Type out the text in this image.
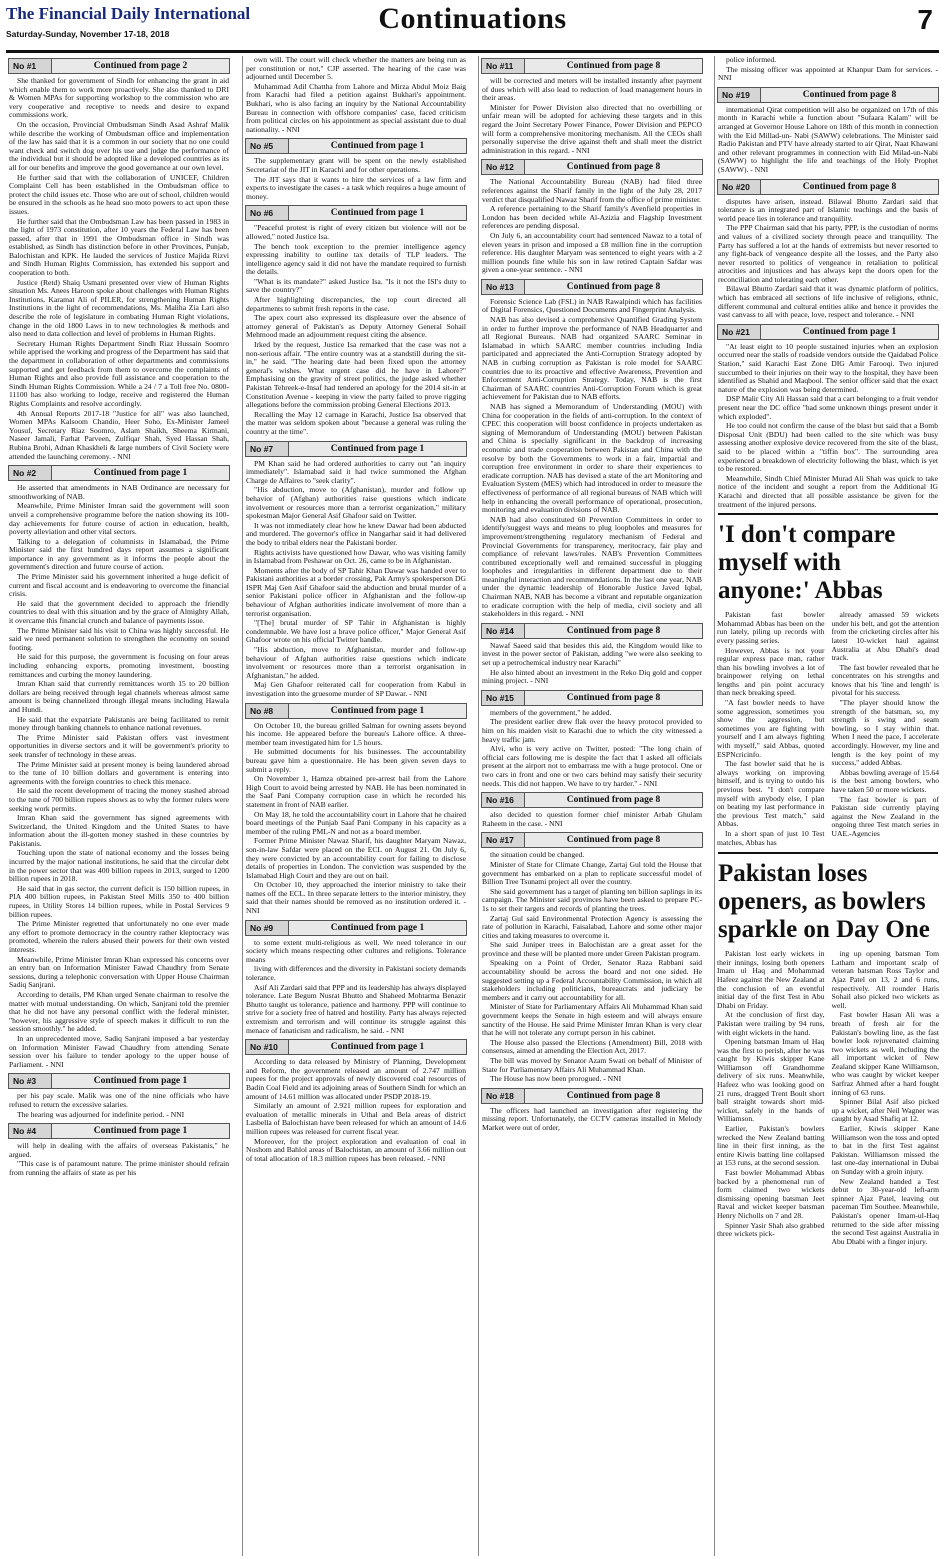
The Financial Daily International
Saturday-Sunday, November 17-18, 2018	Continuations	7
No #1	Continued from page 2

She thanked for government of Sindh for enhancing the grant in aid which enable them to work more proactively. She also thanked to DRI & Women MPAs for supporting workshop to the commission who are very cooperative and receptive to needs and desire to expand commissions work.

On the occasion, Provincial Ombudsman Sindh Asad Ashraf Malik while describe the working of Ombudsman office and implementation of the law has said that it is a common in our society that no one could want check and switch dog over his use and judge the performance of the individual but it should be adopted like a developed countries as its all for our benefits and improve the good governance at our own level.

He further said that with the collaboration of UNICEF, Children Complaint Cell has been established in the Ombudsman office to protect the child issues etc. Those who are out of school, children would be ensured in the schools as he head suo moto powers to act upon these issues.

He further said that the Ombudsman Law has been passed in 1983 in the light of 1973 constitution, after 10 years the Federal Law has been passed, after that in 1991 the Ombudsman office in Sindh was established, as Sindh has distinction before in other Provinces, Punjab, Balochistan and KPK. He lauded the services of Justice Majida Rizvi and Sindh Human Rights Commission, has extended his support and cooperation to both.

Justice (Retd) Shaiq Usmani presented over view of Human Rights situation Ms. Anees Haroon spoke about challenges with Human Rights Institutions, Karamat Ali of PILER, for strengthening Human Rights Institutions in the light of recommendations, Ms. Maliha Zia Lari also describe the role of legislature in combating Human Right violations, change in the old 1800 Laws in to new technologies & methods and also need to data collection and level of problems in Human Rights.

Secretary Human Rights Department Sindh Riaz Hussain Soomro while apprised the working and progress of the Department has said that the department in collaboration of other departments and commissions supported and get feedback from them to overcome the complaints of Human Rights and also provide full assistance and cooperation to the Sindh Human Rights Commission. While a 24 / 7 a Toll free No. 0800-11100 has also working to lodge, receive and registered the Human Rights Complaints and resolve accordingly.

4th Annual Reports 2017-18 "Justice for all" was also launched, Women MPAs Kalsoom Chandio, Heer Soho, Ex-Minister Jameel Yousuf, Secretary Riaz Soomro, Aslam Shaikh, Sheema Kirmani, Naseer Jamali, Farhat Parveen, Zulfiqar Shah, Syed Hassan Shah, Rubina Brohi, Adnan Khaskheli & large numbers of Civil Society were attended the launching ceremony. - NNI

No #2	Continued from page 1

He asserted that amendments in NAB Ordinance are necessary for smoothworking of NAB.

Meanwhile, Prime Minister Imran said the government will soon unveil a comprehensive programme before the nation showing its 100-day achievements for future course of action in education, health, poverty alleviation and other vital sectors.

Talking to a delegation of columnists in Islamabad, the Prime Minister said the first hundred days report assumes a significant importance in any government as it informs the people about the government's direction and future course of action.

The Prime Minister said his government inherited a huge deficit of current and fiscal account and is endeavoring to overcome the financial crisis.

He said that the government decided to approach the friendly countries to deal with this situation and by the grace of Almighty Allah, it overcame this financial crunch and balance of payments issue.

The Prime Minister said his visit to China was highly successful. He said we need permanent solution to strengthen the economy on sound footing.

He said for this purpose, the government is focusing on four areas including enhancing exports, promoting investment, boosting remittances and curbing the money laundering.

Imran Khan said that currently remittances worth 15 to 20 billion dollars are being received through legal channels whereas almost same amount is being channelized through illegal means including Hawala and Hundi.

He said that the expatriate Pakistanis are being facilitated to remit money through banking channels to enhance national revenues.

The Prime Minister said Pakistan offers vast investment opportunities in diverse sectors and it will be government's priority to seek transfer of technology in these areas.

The Prime Minister said at present money is being laundered abroad to the tune of 10 billion dollars and government is entering into agreements with the foreign countries to check this menace.

He said the recent development of tracing the money stashed abroad to the tune of 700 billion rupees shows as to why the former rulers were seeking work permits.

Imran Khan said the government has signed agreements with Switzerland, the United Kingdom and the United States to have information about the ill-gotten money stashed in these countries by Pakistanis.

Touching upon the state of national economy and the losses being incurred by the major national institutions, he said that the circular debt in the power sector that was 400 billion rupees in 2013, surged to 1200 billion rupees in 2018.

He said that in gas sector, the current deficit is 150 billion rupees, in PIA 400 billion rupees, in Pakistan Steel Mills 350 to 400 billion rupees, in Utility Stores 14 billion rupees, while in Postal Services 9 billion rupees.

The Prime Minister regretted that unfortunately no one ever made any effort to promote democracy in the country rather kleptocracy was promoted, wherein the rulers abused their powers for their own vested interests.

Meanwhile, Prime Minister Imran Khan expressed his concerns over an entry ban on Information Minister Fawad Chaudhry from Senate sessions, during a telephonic conversation with Upper House Chairman Sadiq Sanjrani.

According to details, PM Khan urged Senate chairman to resolve the matter with mutual understanding. On which, Sanjrani told the premier that he did not have any personal conflict with the federal minister, "however, his aggressive style of speech makes it difficult to run the session smoothly." he added.

In an unprecedented move, Sadiq Sanjrani imposed a bar yesterday on Information Minister Fawad Chaudhry from attending Senate session over his failure to tender apology to the upper house of Parliament. - NNI

No #3	Continued from page 1

per his pay scale. Malik was one of the nine officials who have refused to return the excessive salaries.

The hearing was adjourned for indefinite period. - NNI

No #4	Continued from page 1

will help in dealing with the affairs of overseas Pakistanis," he argued.

"This case is of paramount nature. The prime minister should refrain from running the affairs of state as per his

own will. The court will check whether the matters are being run as per constitution or not," CJP asserted. The hearing of the case was adjourned until December 5.

Muhammad Adil Chattha from Lahore and Mirza Abdul Moiz Baig from Karachi had filed a petition against Bukhari's appointment. Bukhari, who is also facing an inquiry by the National Accountability Bureau in connection with offshore companies' case, faced criticism from political circles on his appointment as special assistant due to dual nationality. - NNI

No #5	Continued from page 1

The supplementary grant will be spent on the newly established Secretariat of the JIT in Karachi and for other operations.

The JIT says that it wants to hire the services of a law firm and experts to investigate the cases - a task which requires a huge amount of money.

No #6	Continued from page 1

"Peaceful protest is right of every citizen but violence will not be allowed," noted Justice Isa.

The bench took exception to the premier intelligence agency expressing inability to outline tax details of TLP leaders. The intelligence agency said it did not have the mandate required to furnish the details.

"What is its mandate?" asked Justice Isa. "Is it not the ISI's duty to save the country?"

After highlighting discrepancies, the top court directed all departments to submit fresh reports in the case.

The apex court also expressed its displeasure over the absence of attorney general of Pakistan's as Deputy Attorney General Sohail Mehmood made an adjournment request citing the absence.

Irked by the request, Justice Isa remarked that the case was not a non-serious affair. "The entire country was at a standstill during the sit-in," he said. "The hearing date had been fixed upon the attorney general's wishes. What urgent case did he have in Lahore?" Emphasising on the gravity of street politics, the judge asked whether Pakistan Tehreek-e-Insaf had tendered an apology for the 2014 sit-in at Constitution Avenue - keeping in view the party failed to prove rigging allegations before the commission probing General Elections 2013.

Recalling the May 12 carnage in Karachi, Justice Isa observed that the matter was seldom spoken about "because a general was ruling the country at the time".

No #7	Continued from page 1

PM Khan said he had ordered authorities to carry out "an inquiry immediately". Islamabad said it had twice summoned the Afghan Charge de Affaires to "seek clarity".

"His abduction, move to (Afghanistan), murder and follow up behavior of (Afghan) authorities raise questions which indicate involvement or resources more than a terrorist organization," military spokesman Major General Asif Ghafoor said on Twitter.

It was not immediately clear how he knew Dawar had been abducted and murdered. The governor's office in Nangarhar said it had delivered the body to tribal elders near the Pakistani border.

Rights activists have questioned how Dawar, who was visiting family in Islamabad from Peshawar on Oct. 26, came to be in Afghanistan.

Moments after the body of SP Tahir Khan Dawar was handed over to Pakistani authorities at a border crossing, Pak Army's spokesperson DG ISPR Maj Gen Asif Ghafoor said the abduction and brutal murder of a senior Pakistani police officer in Afghanistan and the follow-up behaviour of Afghan authorities indicate involvement of more than a terrorist organisation.

"[The] brutal murder of SP Tahir in Afghanistan is highly condemnable. We have lost a brave police officer," Major General Asif Ghafoor wrote on his official Twitter handle.

"His abduction, move to Afghanistan, murder and follow-up behaviour of Afghan authorities raise questions which indicate involvement or resources more than a terrorist organisation in Afghanistan," he added.

Maj Gen Ghafoor reiterated call for cooperation from Kabul in investigation into the gruesome murder of SP Dawar. - NNI

No #8	Continued from page 1

On October 10, the bureau grilled Salman for owning assets beyond his income. He appeared before the bureau's Lahore office. A three-member team investigated him for 1.5 hours.

He submitted documents for his businesses. The accountability bureau gave him a questionnaire. He has been given seven days to submit a reply.

On November 1, Hamza obtained pre-arrest bail from the Lahore High Court to avoid being arrested by NAB. He has been nominated in the Saaf Pani Company corruption case in which he recorded his statement in front of NAB earlier.

On May 18, he told the accountability court in Lahore that he chaired board meetings of the Punjab Saaf Pani Company in his capacity as a member of the ruling PML-N and not as a board member.

Former Prime Minister Nawaz Sharif, his daughter Maryam Nawaz, son-in-law Safdar were placed on the ECL on August 21. On July 6, they were convicted by an accountability court for failing to disclose details of properties in London. The conviction was suspended by the Islamabad High Court and they are out on bail.

On October 10, they approached the interior ministry to take their names off the ECL. In three separate letters to the interior ministry, they said that their names should be removed as no institution ordered it. - NNI

No #9	Continued from page 1

to some extent multi-religious as well. We need tolerance in our society which means respecting other cultures and religions. Tolerance means

living with differences and the diversity in Pakistani society demands tolerance.

Asif Ali Zardari said that PPP and its leadership has always displayed tolerance. Late Begum Nusrat Bhutto and Shaheed Mohtarma Benazir Bhutto taught us tolerance, patience and harmony. PPP will continue to strive for a society free of hatred and hostility. Party has always rejected extremism and terrorism and will continue its struggle against this menace of fanaticism and radicalism, he said. - NNI

No #10	Continued from page 1

According to data released by Ministry of Planning, Development and Reform, the government released an amount of 2.747 million rupees for the project approvals of newly discovered coal resources of Badin Coal Field and its adjoining areas of Southern Sindh for which an amount of 14.61 million was allocated under PSDP 2018-19.

Similarly an amount of 2.921 million rupees for exploration and evaluation of metallic minerals in Uthal and Bela areas of district Lasbella of Balochistan have been released for which an amount of 14.6 million rupees was released for current fiscal year.

Moreover, for the project exploration and evaluation of coal in Noshom and Bahlol areas of Balochistan, an amount of 3.66 million out of total allocation of 18.3 million rupees has been released. - NNI

No #11	Continued from page 8

will be corrected and meters will be installed instantly after payment of dues which will also lead to reduction of load management hours in their areas.

Minister for Power Division also directed that no overbilling or unfair mean will be adopted for achieving these targets and in this regard the Joint Secretary Power Finance, Power Division and PEPCO will form a comprehensive monitoring mechanism. All the CEOs shall personally supervise the drive against theft and shall meet the district administration in this regard. - NNI

No #12	Continued from page 8

The National Accountability Bureau (NAB) had filed three references against the Sharif family in the light of the July 28, 2017 verdict that disqualified Nawaz Sharif from the office of prime minister.

A reference pertaining to the Sharif family's Avenfield properties in London has been decided while Al-Azizia and Flagship Investment references are pending disposal.

On July 6, an accountability court had sentenced Nawaz to a total of eleven years in prison and imposed a £8 million fine in the corruption reference. His daughter Maryam was sentenced to eight years with a 2 million pounds fine while his son in law retired Captain Safdar was given a one-year sentence. - NNI

No #13	Continued from page 8

Forensic Science Lab (FSL) in NAB Rawalpindi which has facilities of Digital Forensics, Questioned Documents and Fingerprint Analysis.

NAB has also devised a comprehensive Quantified Grading System in order to further improve the performance of NAB Headquarter and all Regional Bureaus. NAB had organized SAARC Seminar in Islamabad in which SAARC member countries including India participated and appreciated the Anti-Corruption Strategy adopted by NAB in curbing corruption as Pakistan is role model for SAARC countries due to its proactive and effective Awareness, Prevention and Enforcement Anti-Corruption Strategy. Today, NAB is the first Chairman of SAARC countries Anti-Corruption Forum which is great achievement for Pakistan due to NAB efforts.

NAB has signed a Memorandum of Understanding (MOU) with China for cooperation in the fields of anti-corruption. In the context of CPEC this cooperation will boost confidence in projects undertaken as signing of Memorandum of Understanding (MOU) between Pakistan and China is specially significant in the backdrop of increasing economic and trade cooperation between Pakistan and China with the resolve by both the Governments to work in a fair, impartial and corruption free environment in order to share their experiences to eradicate corruption. NAB has devised a state of the art Monitoring and Evaluation System (MES) which had introduced in order to measure the effectiveness of performance of all regional bureaus of NAB which will help in enhancing the overall performance of operational, prosecution, monitoring and evaluation divisions of NAB.

NAB had also constituted 60 Prevention Committees in order to identify/suggest ways and means to plug loopholes and measures for improvement/strengthening regulatory mechanism of Federal and Provincial Governments for transparency, meritocracy, fair play and compliance of relevant laws/rules. NAB's Prevention Committees contributed exceptionally well and remained successful in plugging loopholes and irregularities in different department due to their meaningful interaction and recommendations. In the last one year, NAB under the dynamic leadership of Honorable Justice Javed Iqbal, Chairman NAB, NAB has become a vibrant and reputable organization to eradicate corruption with the help of media, civil society and all stakeholders in this regard. - NNI

No #14	Continued from page 8

Nawaf Saeed said that besides this aid, the Kingdom would like to invest in the power sector of Pakistan, adding "we were also seeking to set up a petrochemical industry near Karachi"

He also hinted about an investment in the Reko Diq gold and copper mining project. - NNI

No #15	Continued from page 8

members of the government," he added.

The president earlier drew flak over the heavy protocol provided to him on his maiden visit to Karachi due to which the city witnessed a heavy traffic jam.

Alvi, who is very active on Twitter, posted: "The long chain of official cars following me is despite the fact that I asked all officials present at the airport not to embarrass me with a huge protocol. One or two cars in front and one or two cars behind may satisfy their security needs. This did not happen. We have to try harder." - NNI

No #16	Continued from page 8

also decided to question former chief minister Arbab Ghulam Raheem in the case. - NNI

No #17	Continued from page 8

the situation could be changed.

Minister of State for Climate Change, Zartaj Gul told the House that government has embarked on a plan to replicate successful model of Billion Tree Tsunami project all over the country.

She said government has a target of planting ten billion saplings in its campaign. The Minister said provinces have been asked to prepare PC-1s to set their targets and records of planting the trees.

Zartaj Gul said Environmental Protection Agency is assessing the rate of pollution in Karachi, Faisalabad, Lahore and some other major cities and taking measures to overcome it.

She said Juniper trees in Balochistan are a great asset for the province and these will be planted more under Green Pakistan program.

Speaking on a Point of Order, Senator Raza Rabbani said accountability should be across the board and not one sided. He suggested setting up a Federal Accountability Commission, in which all stakeholders including politicians, bureaucrats and judiciary be members and it carry out accountability for all.

Minister of State for Parliamentary Affairs Ali Muhammad Khan said government keeps the Senate in high esteem and will always ensure sanctity of the House. He said Prime Minister Imran Khan is very clear that he will not tolerate any corrupt person in his cabinet.

The House also passed the Elections (Amendment) Bill, 2018 with consensus, aimed at amending the Election Act, 2017.

The bill was moved by Senator Azam Swati on behalf of Minister of State for Parliamentary Affairs Ali Muhammad Khan.

The House has now been prorogued. - NNI

No #18	Continued from page 8

The officers had launched an investigation after registering the missing report. Unfortunately, the CCTV cameras installed in Melody Market were out of order,

police informed.

The missing officer was appointed at Khanpur Dam for services. - NNI

No #19	Continued from page 8

international Qirat competition will also be organized on 17th of this month in Karachi while a function about "Sufaara Kalam" will be arranged at Governor House Lahore on 18th of this month in connection with the Eid Millad-un- Nabi (SAWW) celebrations. The Minister said Radio Pakistan and PTV have already started to air Qirat, Naat Khawani and other relevant programmes in connection with Eid Milad-un-Nabi (SAWW) to highlight the life and teachings of the Holy Prophet (SAWW). - NNI

No #20	Continued from page 8

disputes have arisen, instead. Bilawal Bhutto Zardari said that tolerance is an integrated part of Islamic teachings and the basis of world peace lies in tolerance and tranquility.

The PPP Chairman said that his party, PPP, is the custodian of norms and values of a civilized society through peace and tranquility. The Party has suffered a lot at the hands of extremists but never resorted to any fight-back of vengeance despite all the losses, and the Party also never resorted to politics of vengeance in retaliation to political atrocities and injustices and has always kept the doors open for the reconciliation and tolerating each other.

Bilawal Bhutto Zardari said that it was dynamic platform of politics, which has embraced all sections of life inclusive of religions, ethnic, different communal and cultural entities alike and hence it provides the vast canvass to all with peace, love, respect and tolerance. - NNI

No #21	Continued from page 1

"At least eight to 10 people sustained injuries when an explosion occurred near the stalls of roadside vendors outside the Qaidabad Police Station," said Karachi East Zone DIG Amir Farooqi. Two injured succumbed to their injuries on their way to the hospital, they have been identified as Shahid and Maqbool. The senior officer said that the exact nature of the explosion was being determined.

DSP Malir City Ali Hassan said that a cart belonging to a fruit vendor present near the DC office "had some unknown things present under it which exploded".

He too could not confirm the cause of the blast but said that a Bomb Disposal Unit (BDU) had been called to the site which was busy assessing another explosive device recovered from the site of the blast, said to be placed within a "tiffin box". The surrounding area experienced a breakdown of electricity following the blast, which is yet to be restored.

Meanwhile, Sindh Chief Minister Murad Ali Shah was quick to take notice of the incident and sought a report from the Additional IG Karachi and directed that all possible assistance be given for the treatment of the injured persons.

'I don't compare myself with anyone:' Abbas

Pakistan fast bowler Mohammad Abbas has been on the run lately, piling up records with every passing series.

However, Abbas is not your regular express pace man, rather than his bowling involves a lot of brainpower relying on lethal lengths and pin point accuracy than neck breaking speed.

"A fast bowler needs to have some aggression, sometimes you show the aggression, but sometimes you are fighting with yourself and I am always fighting with myself," said Abbas, quoted ESPNcricinfo.

The fast bowler said that he is always working on improving himself, and is trying to outdo his previous best. "I don't compare myself with anybody else, I plan on beating my last performance in the previous Test match," said Abbas.

In a short span of just 10 Test matches, Abbas has

already amassed 59 wickets under his belt, and got the attention from the cricketing circles after his latest 10-wicket haul against Australia at Abu Dhabi's dead track.

The fast bowler revealed that he concentrates on his strengths and knows that his 'line and length' is pivotal for his success.

"The player should know the strength of the batsman, so, my strength is swing and seam bowling, so I stay within that. When I need the pace, I accelerate accordingly. However, my line and length is the key point of my success," added Abbas.

Abbas bowling average of 15.64 is the best among bowlers, who have taken 50 or more wickets.

The fast bowler is part of Pakistan side currently playing against the New Zealand in the ongoing three Test match series in UAE.-Agencies

Pakistan loses openers, as bowlers sparkle on Day One

Pakistan lost early wickets in their innings, losing both openers Imam ul Haq and Mohammad Hafeez against the New Zealand at the conclusion of an eventful initial day of the first Test in Abu Dhabi on Friday.

At the conclusion of first day, Pakistan were trailing by 94 runs, with eight wickets in the hand.

Opening batsman Imam ul Haq was the first to perish, after he was caught by Kiwis skipper Kane Williamson off Grandhomme delivery of six runs. Meanwhile, Hafeez who was looking good on 21 runs, dragged Trent Boult short ball straight towards short mid-wicket, safely in the hands of Williamson.

Earlier, Pakistan's bowlers wrecked the New Zealand batting line in their first inning, as the entire Kiwis batting line collapsed at 153 runs, at the second session.

Fast bowler Mohammad Abbas backed by a phenomenal run of form claimed two wickets dismissing opening batsman Jeet Raval and wicket keeper batsman Henry Nicholls on 7 and 28.

Spinner Yasir Shah also grabbed three wickets pick-

ing up opening batsman Tom Latham and important scalp of veteran batsman Ross Taylor and Ajaz Patel on 13, 2 and 6 runs, respectively. All rounder Haris Sohail also picked two wickets as well.

Fast bowler Hasan Ali was a breath of fresh air for the Pakistan's bowling line, as the fast bowler look rejuvenated claiming two wickets as well, including the all important wicket of New Zealand skipper Kane Williamson, who was caught by wicket keeper Sarfraz Ahmed after a hard fought inning of 63 runs.

Spinner Bilal Asif also picked up a wicket, after Neil Wagner was caught by Asad Shafiq at 12.

Earlier, Kiwis skipper Kane Williamson won the toss and opted to bat in the first Test against Pakistan. Williamson missed the last one-day international in Dubai on Sunday with a groin injury.

New Zealand handed a Test debut to 30-year-old left-arm spinner Ajaz Patel, leaving out paceman Tim Southee. Meanwhile, Pakistan's opener Imam-ul-Haq returned to the side after missing the second Test against Australia in Abu Dhabi with a finger injury.
